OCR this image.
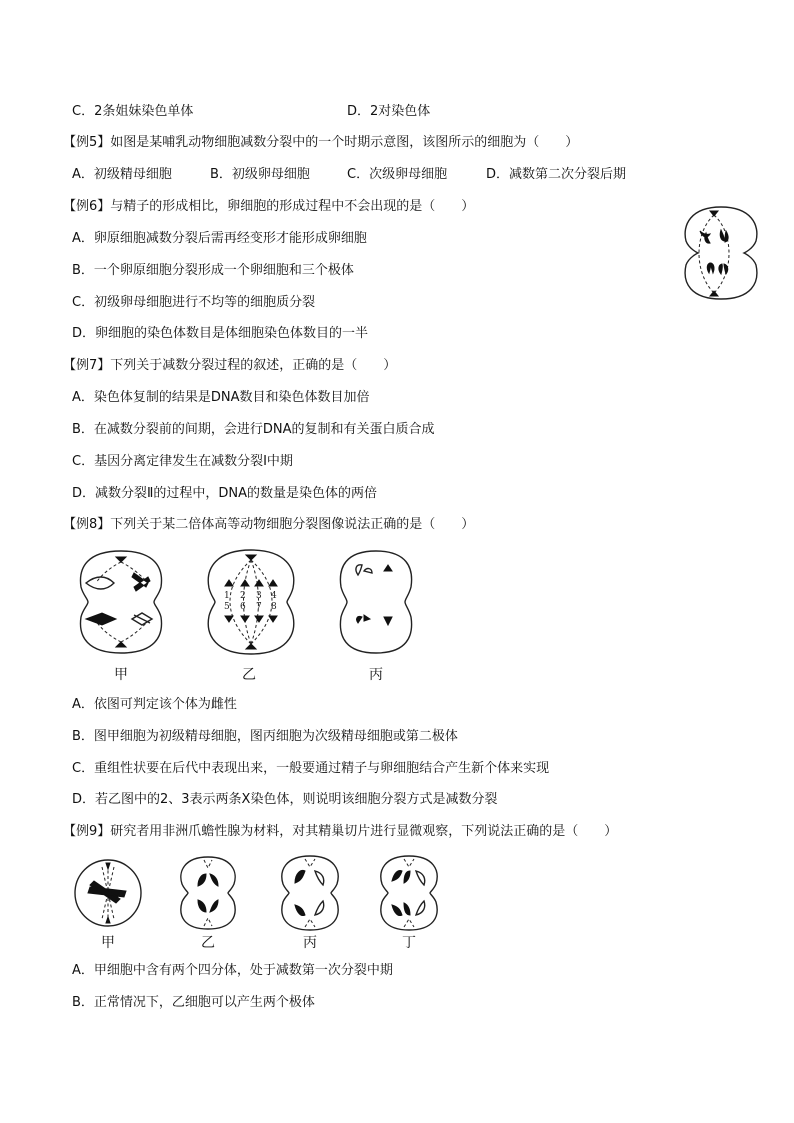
C．2条姐妹染色单体	D．2对染色体
【例5】如图是某哺乳动物细胞减数分裂中的一个时期示意图，该图所示的细胞为（　　）
A．初级精母细胞	B．初级卵母细胞	C．次级卵母细胞	D．减数第二次分裂后期
【例6】与精子的形成相比，卵细胞的形成过程中不会出现的是（　　）
A．卵原细胞减数分裂后需再经变形才能形成卵细胞
B．一个卵原细胞分裂形成一个卵细胞和三个极体
C．初级卵母细胞进行不均等的细胞质分裂
D．卵细胞的染色体数目是体细胞染色体数目的一半
【例7】下列关于减数分裂过程的叙述，正确的是（　　）
A．染色体复制的结果是DNA数目和染色体数目加倍
B．在减数分裂前的间期，会进行DNA的复制和有关蛋白质合成
C．基因分离定律发生在减数分裂Ⅰ中期
D．减数分裂Ⅱ的过程中，DNA的数量是染色体的两倍
【例8】下列关于某二倍体高等动物细胞分裂图像说法正确的是（　　）
甲
1 2 3 4
5 6 7 8
乙	丙
A．依图可判定该个体为雌性
B．图甲细胞为初级精母细胞，图丙细胞为次级精母细胞或第二极体
C．重组性状要在后代中表现出来，一般要通过精子与卵细胞结合产生新个体来实现
D．若乙图中的2、3表示两条X染色体，则说明该细胞分裂方式是减数分裂
【例9】研究者用非洲爪蟾性腺为材料，对其精巢切片进行显微观察，下列说法正确的是（　　）
甲	乙	丙	丁
A．甲细胞中含有两个四分体，处于减数第一次分裂中期
B．正常情况下，乙细胞可以产生两个极体
